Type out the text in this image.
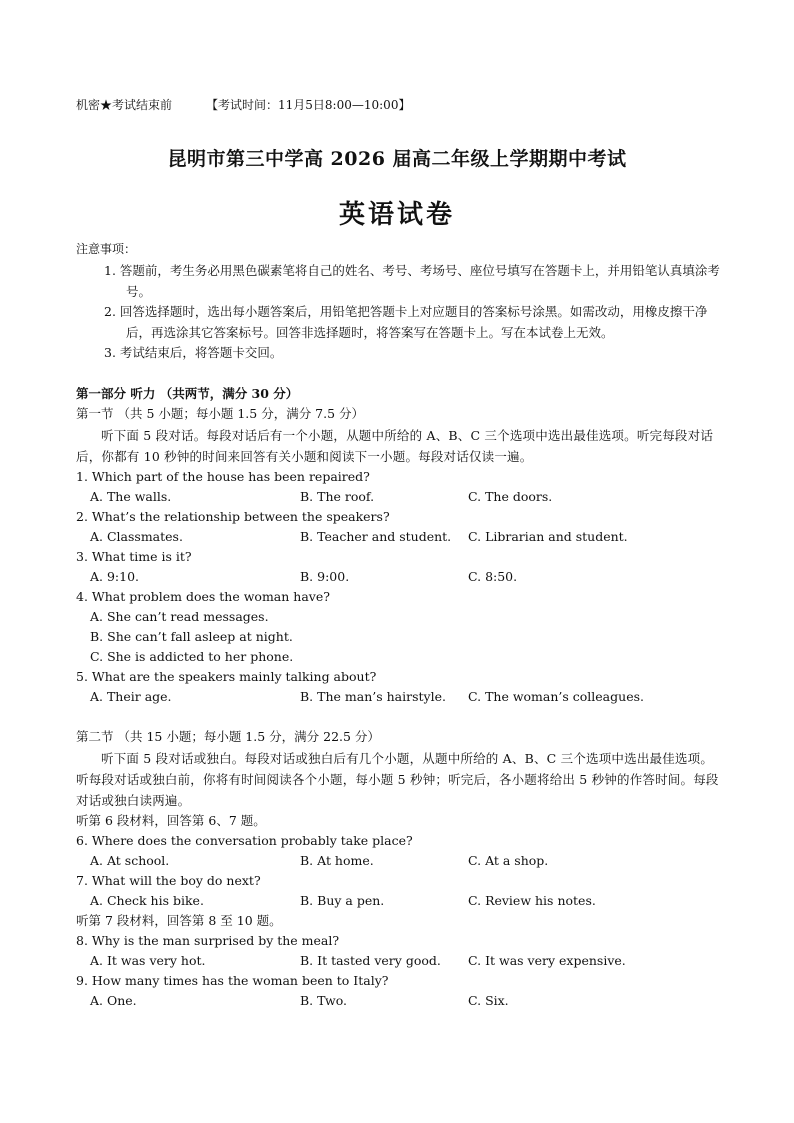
机密★考试结束前	【考试时间：11月5日8:00—10:00】
昆明市第三中学高 2026 届高二年级上学期期中考试
英语试卷
注意事项：
1. 答题前，考生务必用黑色碳素笔将自己的姓名、考号、考场号、座位号填写在答题卡上，并用铅笔认真填涂考号。
2. 回答选择题时，选出每小题答案后，用铅笔把答题卡上对应题目的答案标号涂黑。如需改动，用橡皮擦干净后，再选涂其它答案标号。回答非选择题时，将答案写在答题卡上。写在本试卷上无效。
3. 考试结束后，将答题卡交回。
第一部分 听力 （共两节，满分 30 分）
第一节 （共 5 小题；每小题 1.5 分，满分 7.5 分）
听下面 5 段对话。每段对话后有一个小题，从题中所给的 A、B、C 三个选项中选出最佳选项。听完每段对话后，你都有 10 秒钟的时间来回答有关小题和阅读下一小题。每段对话仅读一遍。
1. Which part of the house has been repaired?
A. The walls.	B. The roof.	C. The doors.
2. What’s the relationship between the speakers?
A. Classmates.	B. Teacher and student. C. Librarian and student.
3. What time is it?
A. 9:10.	B. 9:00.	C. 8:50.
4. What problem does the woman have?
A. She can’t read messages.
B. She can’t fall asleep at night.
C. She is addicted to her phone.
5. What are the speakers mainly talking about?
A. Their age.	B. The man’s hairstyle. C. The woman’s colleagues.
第二节 （共 15 小题；每小题 1.5 分，满分 22.5 分）
听下面 5 段对话或独白。每段对话或独白后有几个小题，从题中所给的 A、B、C 三个选项中选出最佳选项。听每段对话或独白前，你将有时间阅读各个小题，每小题 5 秒钟；听完后，各小题将给出 5 秒钟的作答时间。每段对话或独白读两遍。
听第 6 段材料，回答第 6、7 题。
6. Where does the conversation probably take place?
A. At school.	B. At home.	C. At a shop.
7. What will the boy do next?
A. Check his bike.	B. Buy a pen.	C. Review his notes.
听第 7 段材料，回答第 8 至 10 题。
8. Why is the man surprised by the meal?
A. It was very hot.	B. It tasted very good. C. It was very expensive.
9. How many times has the woman been to Italy?
A. One.	B. Two.	C. Six.
